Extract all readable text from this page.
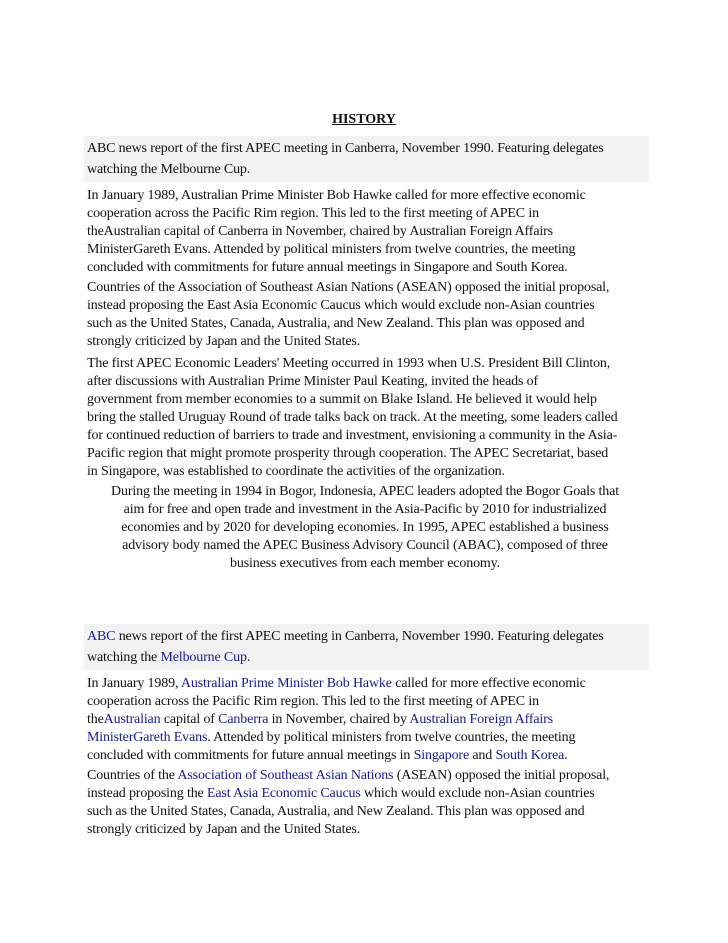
HISTORY
ABC news report of the first APEC meeting in Canberra, November 1990. Featuring delegates
watching the Melbourne Cup.
In January 1989, Australian Prime Minister Bob Hawke called for more effective economic
cooperation across the Pacific Rim region. This led to the first meeting of APEC in
theAustralian capital of Canberra in November, chaired by Australian Foreign Affairs
MinisterGareth Evans. Attended by political ministers from twelve countries, the meeting
concluded with commitments for future annual meetings in Singapore and South Korea.
Countries of the Association of Southeast Asian Nations (ASEAN) opposed the initial proposal,
instead proposing the East Asia Economic Caucus which would exclude non-Asian countries
such as the United States, Canada, Australia, and New Zealand. This plan was opposed and
strongly criticized by Japan and the United States.
The first APEC Economic Leaders' Meeting occurred in 1993 when U.S. President Bill Clinton,
after discussions with Australian Prime Minister Paul Keating, invited the heads of
government from member economies to a summit on Blake Island. He believed it would help
bring the stalled Uruguay Round of trade talks back on track. At the meeting, some leaders called
for continued reduction of barriers to trade and investment, envisioning a community in the Asia-
Pacific region that might promote prosperity through cooperation. The APEC Secretariat, based
in Singapore, was established to coordinate the activities of the organization.
During the meeting in 1994 in Bogor, Indonesia, APEC leaders adopted the Bogor Goals that
aim for free and open trade and investment in the Asia-Pacific by 2010 for industrialized
economies and by 2020 for developing economies. In 1995, APEC established a business
advisory body named the APEC Business Advisory Council (ABAC), composed of three
business executives from each member economy.
ABC news report of the first APEC meeting in Canberra, November 1990. Featuring delegates
watching the Melbourne Cup.
In January 1989, Australian Prime Minister Bob Hawke called for more effective economic
cooperation across the Pacific Rim region. This led to the first meeting of APEC in
theAustralian capital of Canberra in November, chaired by Australian Foreign Affairs
MinisterGareth Evans. Attended by political ministers from twelve countries, the meeting
concluded with commitments for future annual meetings in Singapore and South Korea.
Countries of the Association of Southeast Asian Nations (ASEAN) opposed the initial proposal,
instead proposing the East Asia Economic Caucus which would exclude non-Asian countries
such as the United States, Canada, Australia, and New Zealand. This plan was opposed and
strongly criticized by Japan and the United States.
